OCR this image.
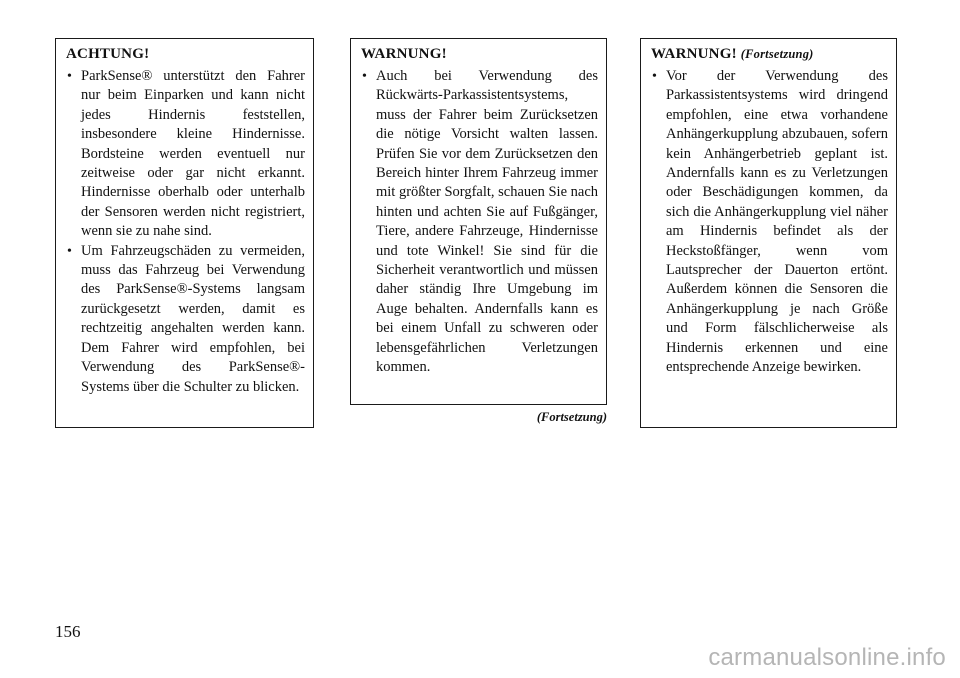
ACHTUNG!
• ParkSense® unterstützt den Fahrer nur beim Einparken und kann nicht jedes Hindernis feststellen, insbesondere kleine Hindernisse. Bordsteine werden eventuell nur zeitweise oder gar nicht erkannt. Hindernisse oberhalb oder unterhalb der Sensoren werden nicht registriert, wenn sie zu nahe sind.
• Um Fahrzeugschäden zu vermeiden, muss das Fahrzeug bei Verwendung des ParkSense®-Systems langsam zurückgesetzt werden, damit es rechtzeitig angehalten werden kann. Dem Fahrer wird empfohlen, bei Verwendung des ParkSense®-Systems über die Schulter zu blicken.
WARNUNG!
• Auch bei Verwendung des Rückwärts-Parkassistentsystems, muss der Fahrer beim Zurücksetzen die nötige Vorsicht walten lassen. Prüfen Sie vor dem Zurücksetzen den Bereich hinter Ihrem Fahrzeug immer mit größter Sorgfalt, schauen Sie nach hinten und achten Sie auf Fußgänger, Tiere, andere Fahrzeuge, Hindernisse und tote Winkel! Sie sind für die Sicherheit verantwortlich und müssen daher ständig Ihre Umgebung im Auge behalten. Andernfalls kann es bei einem Unfall zu schweren oder lebensgefährlichen Verletzungen kommen.
(Fortsetzung)
WARNUNG! (Fortsetzung)
• Vor der Verwendung des Parkassistentsystems wird dringend empfohlen, eine etwa vorhandene Anhängerkupplung abzubauen, sofern kein Anhängerbetrieb geplant ist. Andernfalls kann es zu Verletzungen oder Beschädigungen kommen, da sich die Anhängerkupplung viel näher am Hindernis befindet als der Heckstoßfänger, wenn vom Lautsprecher der Dauerton ertönt. Außerdem können die Sensoren die Anhängerkupplung je nach Größe und Form fälschlicherweise als Hindernis erkennen und eine entsprechende Anzeige bewirken.
156
carmanualsonline.info
